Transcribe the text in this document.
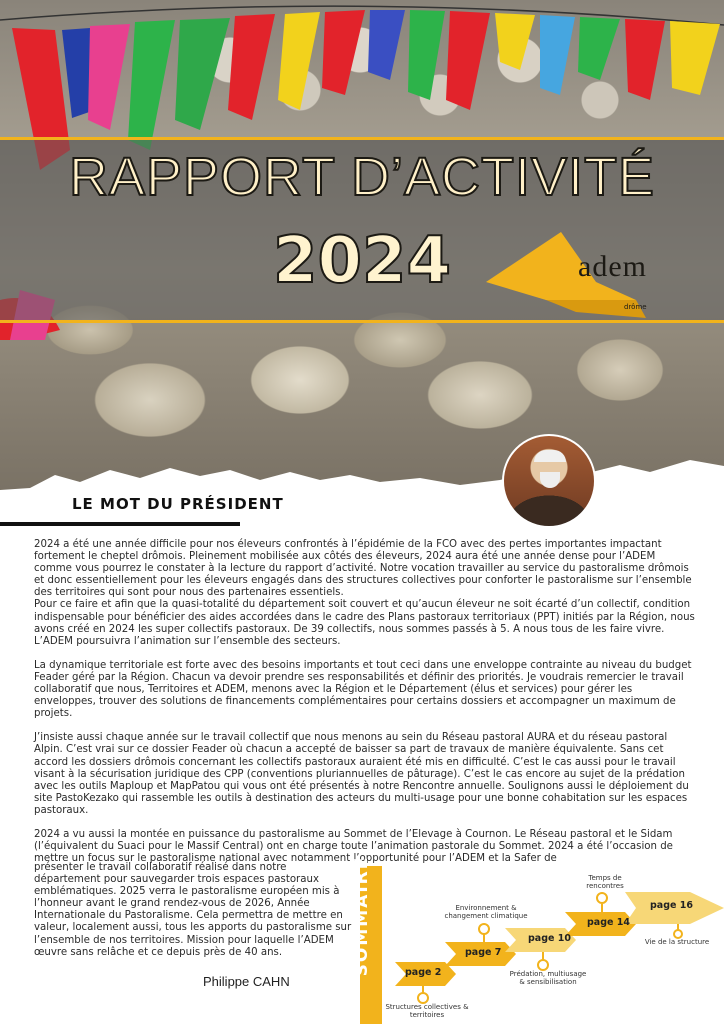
RAPPORT D’ACTIVITÉ
2024	adem
drôme
LE MOT DU PRÉSIDENT

2024 a été une année difficile pour nos éleveurs confrontés à l’épidémie de la FCO avec des pertes importantes impactant fortement le cheptel drômois. Pleinement mobilisée aux côtés des éleveurs, 2024 aura été une année dense pour l’ADEM comme vous pourrez le constater à la lecture du rapport d’activité. Notre vocation travailler au service du pastoralisme drômois et donc essentiellement pour les éleveurs engagés dans des structures collectives pour conforter le pastoralisme sur l’ensemble des territoires qui sont pour nous des partenaires essentiels.

Pour ce faire et afin que la quasi-totalité du département soit couvert et qu’aucun éleveur ne soit écarté d’un collectif, condition indispensable pour bénéficier des aides accordées dans le cadre des Plans pastoraux territoriaux (PPT) initiés par la Région, nous avons créé en 2024 les super collectifs pastoraux. De 39 collectifs, nous sommes passés à 5. A nous tous de les faire vivre. L’ADEM poursuivra l’animation sur l’ensemble des secteurs.

La dynamique territoriale est forte avec des besoins importants et tout ceci dans une enveloppe contrainte au niveau du budget Feader géré par la Région. Chacun va devoir prendre ses responsabilités et définir des priorités. Je voudrais remercier le travail collaboratif que nous, Territoires et ADEM, menons avec la Région et le Département (élus et services) pour gérer les enveloppes, trouver des solutions de financements complémentaires pour certains dossiers et accompagner un maximum de projets.

J’insiste aussi chaque année sur le travail collectif que nous menons au sein du Réseau pastoral AURA et du réseau pastoral Alpin. C’est vrai sur ce dossier Feader où chacun a accepté de baisser sa part de travaux de manière équivalente. Sans cet accord les dossiers drômois concernant les collectifs pastoraux auraient été mis en difficulté. C’est le cas aussi pour le travail visant à la sécurisation juridique des CPP (conventions pluriannuelles de pâturage). C’est le cas encore au sujet de la prédation avec les outils Maploup et MapPatou qui vous ont été présentés à notre Rencontre annuelle. Soulignons aussi le déploiement du site PastoKezako qui rassemble les outils à destination des acteurs du multi-usage pour une bonne cohabitation sur les espaces pastoraux.

2024 a vu aussi la montée en puissance du pastoralisme au Sommet de l’Elevage à Cournon. Le Réseau pastoral et le Sidam (l’équivalent du Suaci pour le Massif Central) ont en charge toute l’animation pastorale du Sommet. 2024 a été l’occasion de mettre un focus sur le pastoralisme national avec notamment l’opportunité pour l’ADEM et la Safer de

présenter le travail collaboratif réalisé dans notre département pour sauvegarder trois espaces pastoraux emblématiques. 2025 verra le pastoralisme européen mis à l’honneur avant le grand rendez-vous de 2026, Année Internationale du Pastoralisme. Cela permettra de mettre en valeur, localement aussi, tous les apports du pastoralisme sur l’ensemble de nos territoires. Mission pour laquelle l’ADEM œuvre sans relâche et ce depuis près de 40 ans.

Philippe CAHN
SOMMAIRE	page 2
page 7
page 10
page 14
page 16
Structures collectives & territoires
Environnement & changement climatique
Prédation, multiusage & sensibilisation
Temps de rencontres
Vie de la structure
